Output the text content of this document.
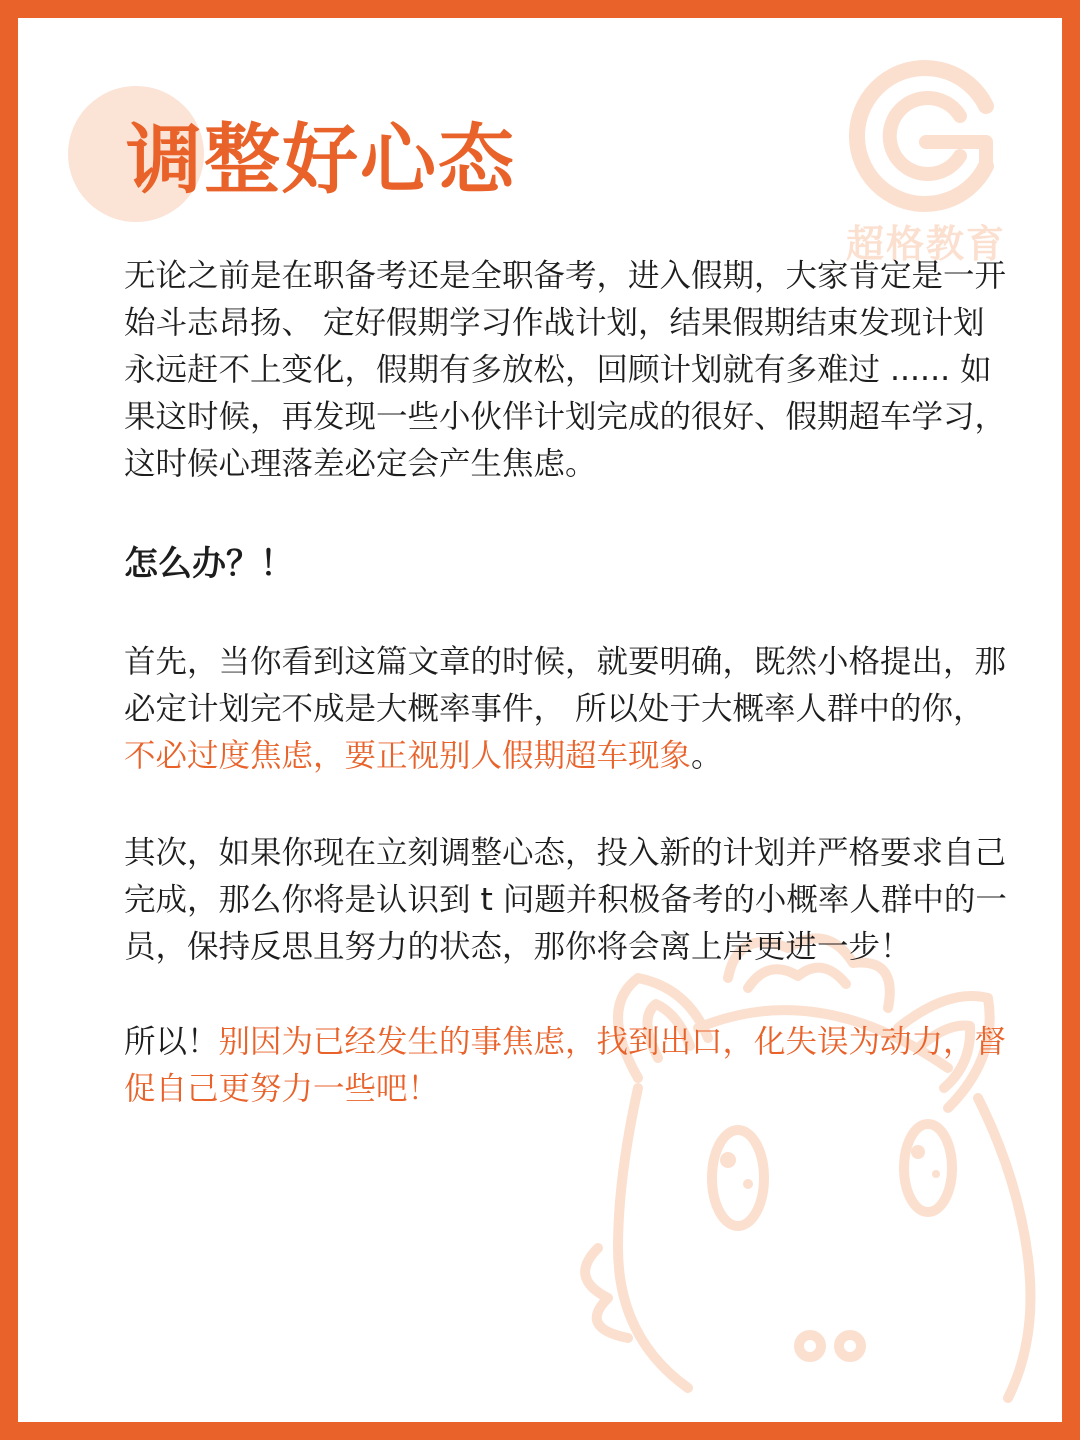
调整好心态
超格教育

无论之前是在职备考还是全职备考，进入假期，大家肯定是一开始斗志昂扬、 定好假期学习作战计划，结果假期结束发现计划永远赶不上变化，假期有多放松，回顾计划就有多难过 ...... 如果这时候，再发现一些小伙伴计划完成的很好、假期超车学习，这时候心理落差必定会产生焦虑。

怎么办？！

首先，当你看到这篇文章的时候，就要明确，既然小格提出，那必定计划完不成是大概率事件， 所以处于大概率人群中的你，不必过度焦虑，要正视别人假期超车现象。

其次，如果你现在立刻调整心态，投入新的计划并严格要求自己完成，那么你将是认识到 t 问题并积极备考的小概率人群中的一员，保持反思且努力的状态，那你将会离上岸更进一步！

所以！别因为已经发生的事焦虑，找到出口，化失误为动力，督促自己更努力一些吧！
